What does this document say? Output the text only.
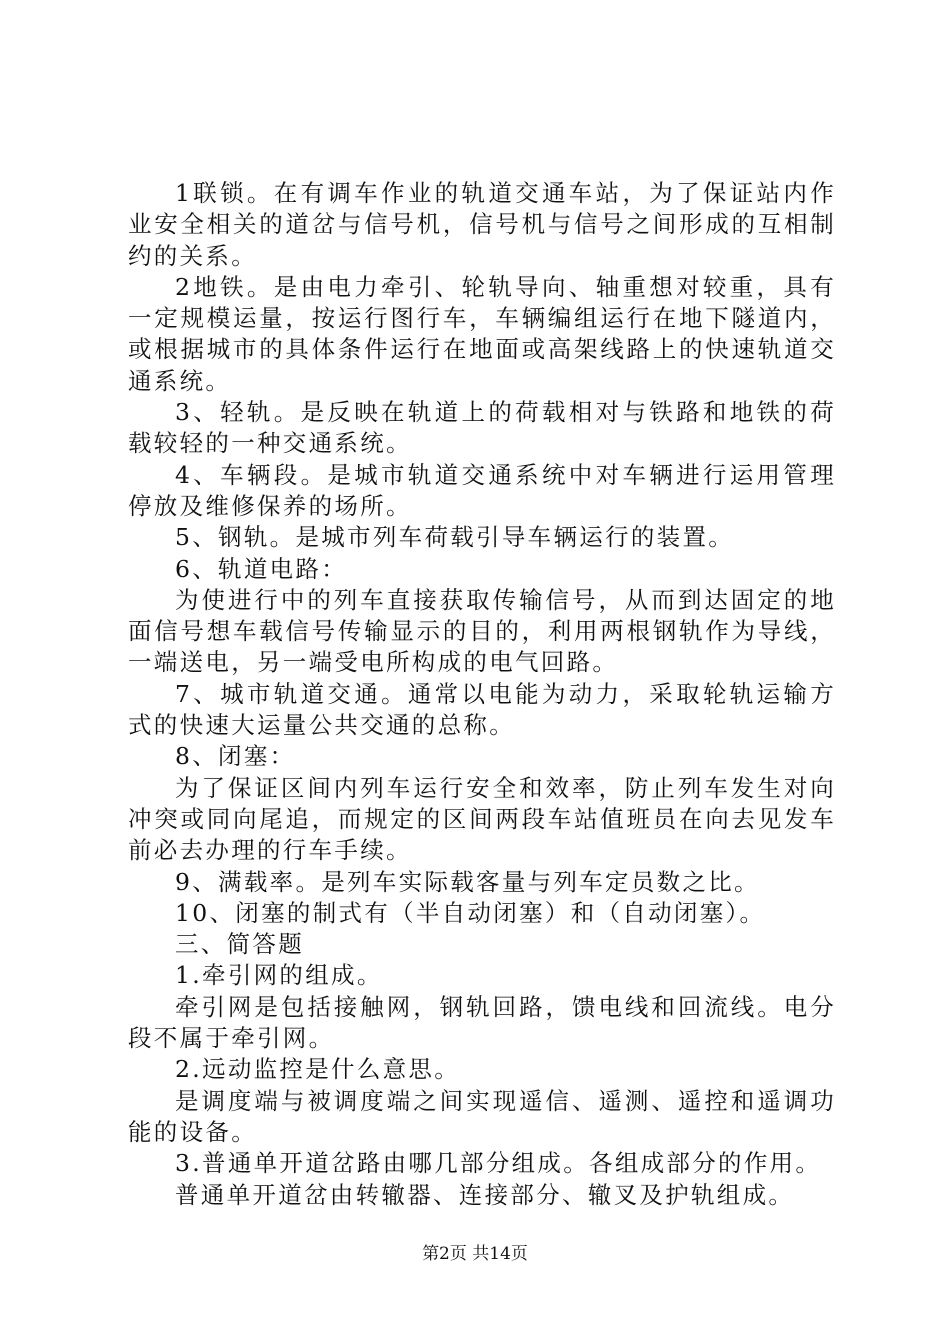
1联锁。在有调车作业的轨道交通车站，为了保证站内作业安全相关的道岔与信号机，信号机与信号之间形成的互相制约的关系。

2地铁。是由电力牵引、轮轨导向、轴重想对较重，具有一定规模运量，按运行图行车，车辆编组运行在地下隧道内，或根据城市的具体条件运行在地面或高架线路上的快速轨道交通系统。

3、轻轨。是反映在轨道上的荷载相对与铁路和地铁的荷载较轻的一种交通系统。

4、车辆段。是城市轨道交通系统中对车辆进行运用管理停放及维修保养的场所。

5、钢轨。是城市列车荷载引导车辆运行的装置。

6、轨道电路：

为使进行中的列车直接获取传输信号，从而到达固定的地面信号想车载信号传输显示的目的，利用两根钢轨作为导线，一端送电，另一端受电所构成的电气回路。

7、城市轨道交通。通常以电能为动力，采取轮轨运输方式的快速大运量公共交通的总称。

8、闭塞：

为了保证区间内列车运行安全和效率，防止列车发生对向冲突或同向尾追，而规定的区间两段车站值班员在向去见发车前必去办理的行车手续。

9、满载率。是列车实际载客量与列车定员数之比。

10、闭塞的制式有（半自动闭塞）和（自动闭塞）。

三、简答题

1.牵引网的组成。

牵引网是包括接触网，钢轨回路，馈电线和回流线。电分段不属于牵引网。

2.远动监控是什么意思。

是调度端与被调度端之间实现遥信、遥测、遥控和遥调功能的设备。

3.普通单开道岔路由哪几部分组成。各组成部分的作用。

普通单开道岔由转辙器、连接部分、辙叉及护轨组成。

第2页 共14页
